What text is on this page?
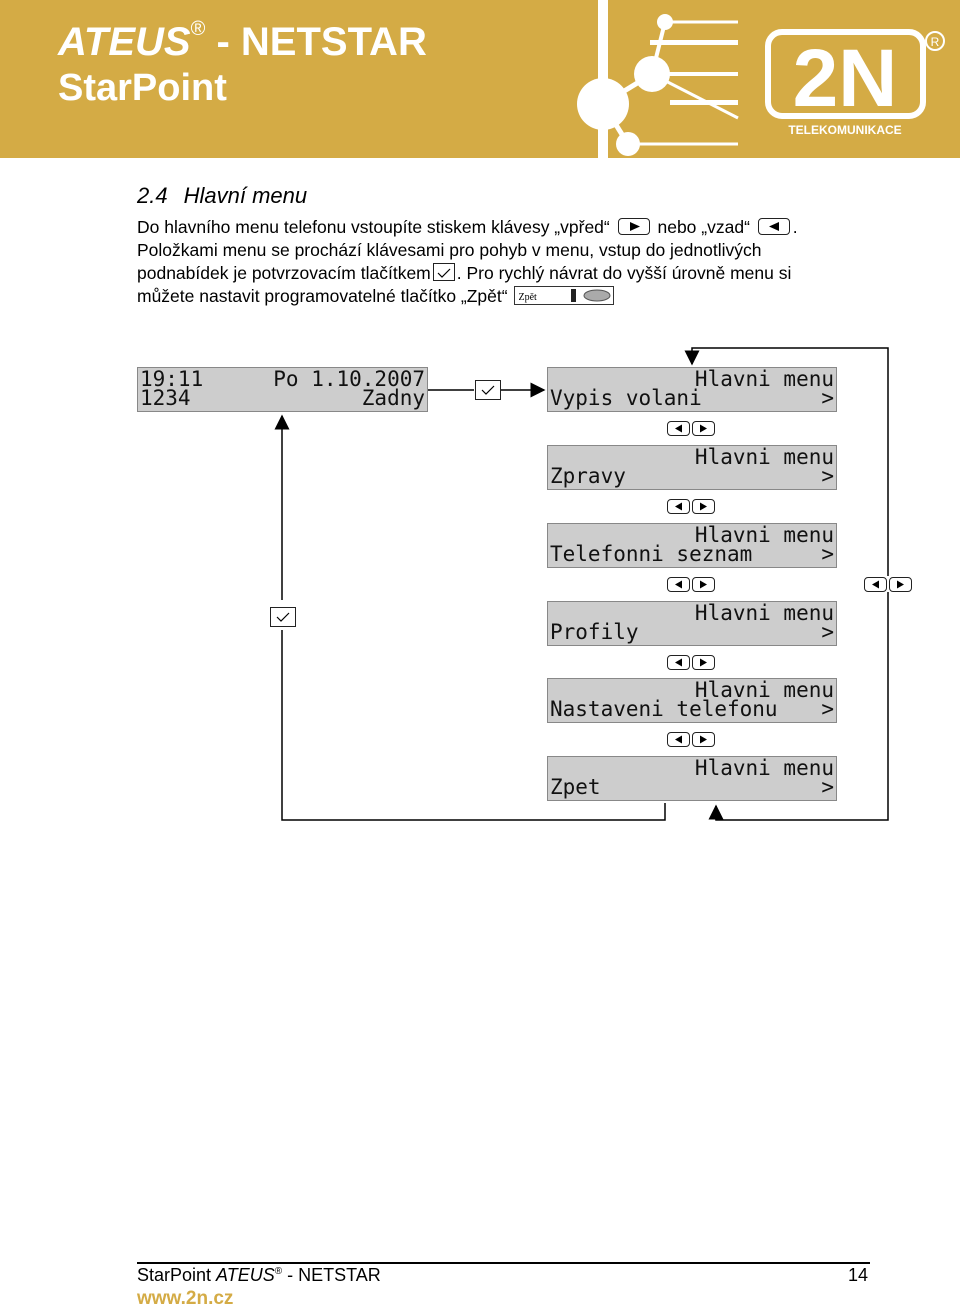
ATEUS® - NETSTAR
StarPoint	2N	R
TELEKOMUNIKACE
2.4 Hlavní menu
Do hlavního menu telefonu vstoupíte stiskem klávesy „vpřed“	nebo „vzad“ .
Položkami menu se prochází klávesami pro pohyb v menu, vstup do jednotlivých
podnabídek je potvrzovacím tlačítkem . Pro rychlý návrat do vyšší úrovně menu si
můžete nastavit programovatelné tlačítko „Zpět“ Zpět
19:11	Po 1.10.2007
1234	Zadny
Hlavni menu
Vypis volani	>
Hlavni menu
Zpravy	>
Hlavni menu
Telefonni seznam	>
Hlavni menu
Profily	>
Hlavni menu
Nastaveni telefonu >
Hlavni menu
Zpet	>
StarPoint ATEUS® - NETSTAR	14
www.2n.cz
